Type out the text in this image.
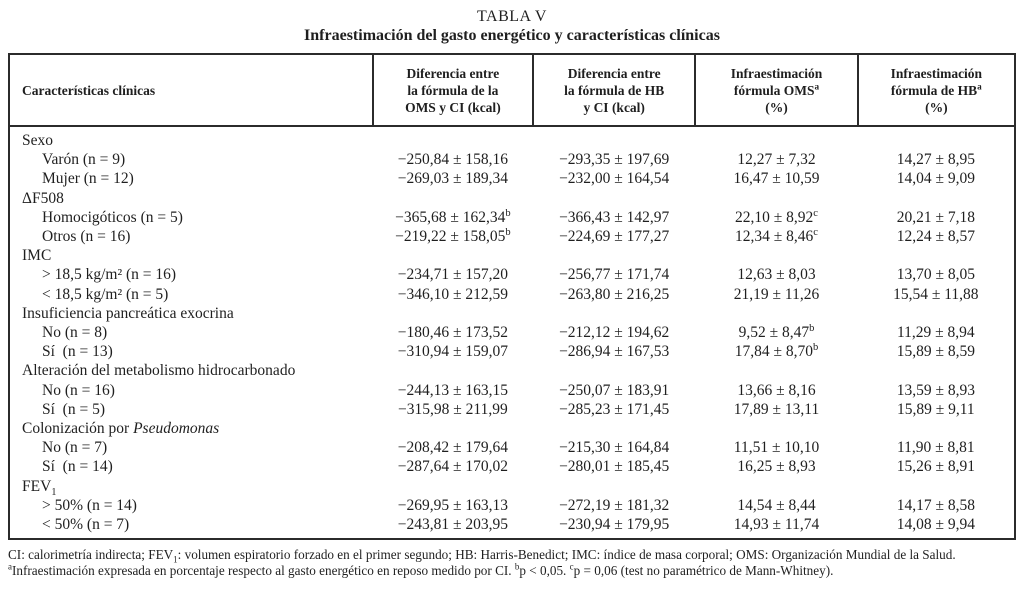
TABLA V
Infraestimación del gasto energético y características clínicas
Características clínicas	Diferencia entre
la fórmula de la
OMS y CI (kcal)	Diferencia entre
la fórmula de HB
y CI (kcal)	Infraestimación
fórmula OMS$^a$
(%)	Infraestimación
fórmula de $HB^a$
(%)
Sexo				
Varón (n = 9)	−250,84 ± 158,16	−293,35 ± 197,69	12,27 ± 7,32	14,27 ± 8,95
Mujer (n = 12)	−269,03 ± 189,34	−232,00 ± 164,54	16,47 ± 10,59	14,04 ± 9,09
ΔF508				
Homocigóticos (n = 5)	−365,68 ± 162,34$^b$	−366,43 ± 142,97	22,10 ± 8,92$^c$	20,21 ± 7,18
Otros (n = 16)	−219,22 ± 158,05$^b$	−224,69 ± 177,27	12,34 ± 8,46$^c$	12,24 ± 8,57
IMC				
> 18,5 kg/m² (n = 16)	−234,71 ± 157,20	−256,77 ± 171,74	12,63 ± 8,03	13,70 ± 8,05
< 18,5 kg/m² (n = 5)	−346,10 ± 212,59	−263,80 ± 216,25	21,19 ± 11,26	15,54 ± 11,88
Insuficiencia pancreática exocrina				
No (n = 8)	−180,46 ± 173,52	−212,12 ± 194,62	9,52 ± 8,47$^b$	11,29 ± 8,94
Sí  (n = 13)	−310,94 ± 159,07	−286,94 ± 167,53	17,84 ± 8,70$^b$	15,89 ± 8,59
Alteración del metabolismo hidrocarbonado				
No (n = 16)	−244,13 ± 163,15	−250,07 ± 183,91	13,66 ± 8,16	13,59 ± 8,93
Sí  (n = 5)	−315,98 ± 211,99	−285,23 ± 171,45	17,89 ± 13,11	15,89 ± 9,11
Colonización por Pseudomonas				
No (n = 7)	−208,42 ± 179,64	−215,30 ± 164,84	11,51 ± 10,10	11,90 ± 8,81
Sí  (n = 14)	−287,64 ± 170,02	−280,01 ± 185,45	16,25 ± 8,93	15,26 ± 8,91
$FEV_1$				
> 50% (n = 14)	−269,95 ± 163,13	−272,19 ± 181,32	14,54 ± 8,44	14,17 ± 8,58
< 50% (n = 7)	−243,81 ± 203,95	−230,94 ± 179,95	14,93 ± 11,74	14,08 ± 9,94

CI: calorimetría indirecta; $FEV_1$: volumen espiratorio forzado en el primer segundo; HB: Harris-Benedict; IMC: índice de masa corporal; OMS: Organización Mundial de la Salud.

$^a$Infraestimación expresada en porcentaje respecto al gasto energético en reposo medido por CI. $^b$p < 0,05. $^c$p = 0,06 (test no paramétrico de Mann-Whitney).
